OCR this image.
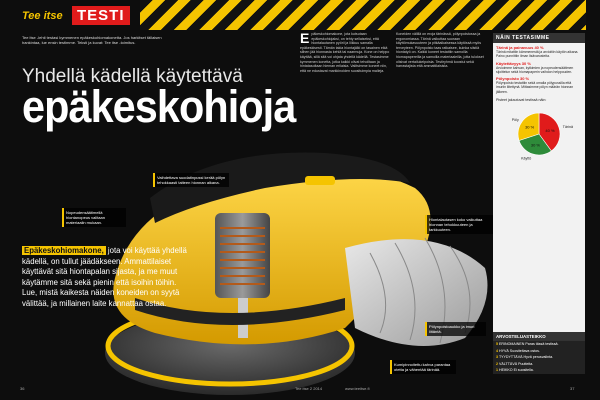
Tee itse TESTI
Tee itse -lehti testasi kymmenen epäkeskohiomakonetta. Jos harkitset tällaisen hankintaa, lue ensin testimme. Teksti ja kuvat: Tee itse -toimitus.
Yhdellä kädellä käytettävä
epäkeskohioja
Epäkeskohiomakone, jota kutsutaan epäkeskohiojaksi, on tehty sellaiseksi, että hiontalautanen pyörii ja liikkuu samalla epäkeskisesti. Tämän takia hiontajälki on tasainen eikä siihen jää hionnasta kehiä tai naarmuja. Kone on helppo käyttää, sillä sitä voi ohjata yhdellä kädellä. Testasimme kymmenen konetta, jotka kaikki olivat tehoiltaan ja hintatasoltaan hieman erilaisia. Valitsimme koneet niin, että ne edustavat markkinoiden suosituimpia malleja.
Koneiden välillä on eroja tärinässä, pölynpoistossa ja ergonomiassa. Tärinä vaikuttaa suoraan käyttömukavuuteen ja pitkäaikaisessa käytössä myös terveyteen. Pölynpoisto taas ratkaisee, kuinka siistiä hiontatyö on. Kaikki koneet testattiin samoilla hiomapapereilla ja samoilla materiaaleilla, jotta tulokset olisivat vertailukelpoisia. Testiryhmä koostui sekä harrastajista että ammattilaisista.
Vaihdettava suodatinpussi kerää pölyn tehokkaasti talteen hionnan aikana.
Nopeudensäätimellä hiontanopeus valitaan materiaalin mukaan.
Hiontalautasen koko vaikuttaa hionnan tehokkuuteen ja tarkkuuteen.
Pölynpoistoaukko ja imuri liitäntä.
Kumipinnoitettu kahva parantaa otetta ja vähentää tärinää.
Epäkeskohiomakone, jota voi käyttää yhdellä kädellä, on tullut jäädäkseen. Ammattilaiset käyttävät sitä hiontapalan sijasta, ja me muut käytämme sitä sekä pienin että isoihin töihin. Lue, mistä kaikesta näiden koneiden on syytä välittää, ja millainen laite kannattaa ostaa.
NÄIN TESTASIMME
Tärinä ja painavuus 40 %
Tärinä mitattiin kämmenestä ja arvioitiin käytön aikana. Paino punnittiin ilman lisävarusteita.
Käytettävyys 30 %
Arvioimme kahvan, kytkimien ja nopeudensäätimen sijoittelun sekä hiomapaperin vaihdon helppouden.
Pölynpoisto 30 %
Pölynpoisto testattiin sekä omalla pölypussilla että imuriin liitettynä. Mittasimme pölyn määrän hionnan jälkeen.
Pisteet jakautuvat testissä näin:
40 %
Tärinä
30 %
Käyttö
30 %
Pöly
ARVOSTELUASTEIKKO
5 ERINOMAINEN Paras tässä testissä.
4 HYVÄ Suositeltava ostos.
3 TYYDYTTÄVÄ Hyvä perusvalinta.
2 VÄLTTÄVÄ Puutteita.
1 HEIKKO Ei suositella.
36	Tee itse 2 2014	www.teeitse.fi	37
